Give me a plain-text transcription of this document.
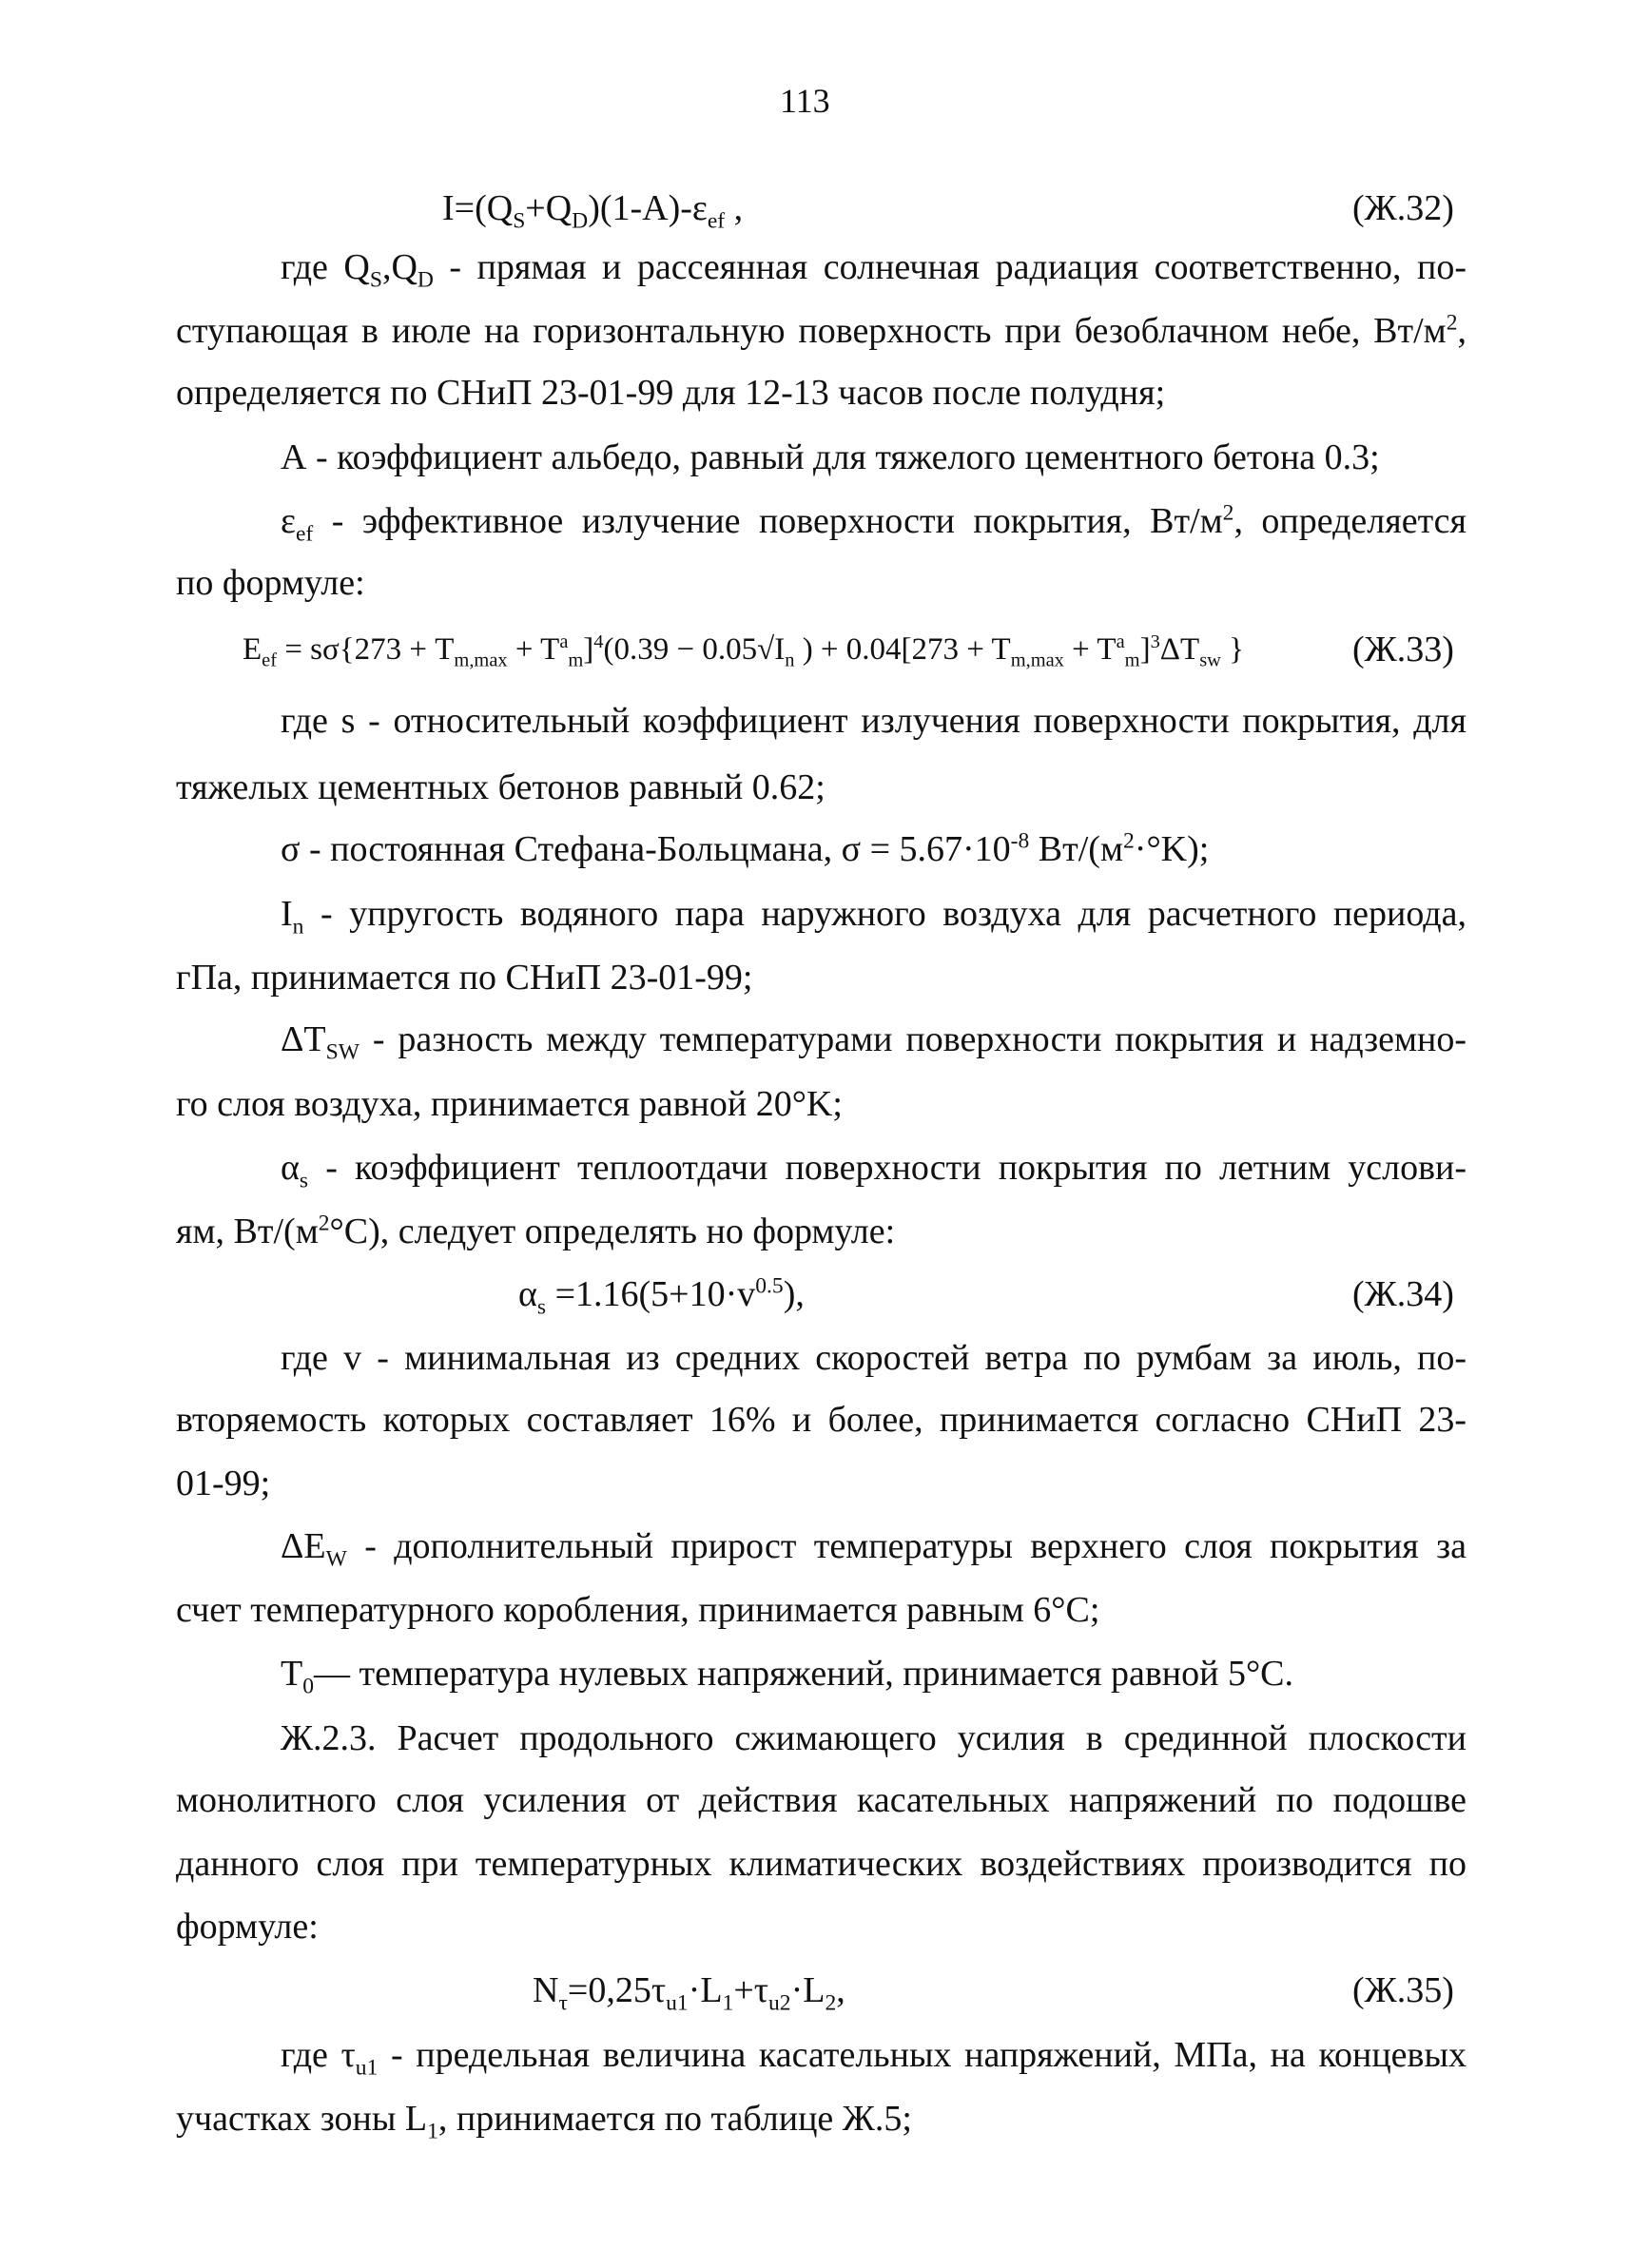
113
$I=(Q_S+Q_D)(1-A)-\varepsilon_{ef}$ ,	(Ж.32)

где $Q_S,Q_D$ - прямая и рассеянная солнечная радиация соответственно, по-

ступающая в июле на горизонтальную поверхность при безоблачном небе, $Вт/м^2$,

определяется по СНиП 23-01-99 для 12-13 часов после полудня;

А - коэффициент альбедо, равный для тяжелого цементного бетона 0.3;

$\varepsilon_{ef}$ - эффективное излучение поверхности покрытия, $Вт/м^2$, определяется

по формуле:

$E_{ef} = s\sigma\{273 + T_{m,max} + T^a_m]^4(0.39 - 0.05√I_n$ ) + $0.04[273 + T_{m,max} + T^a_m]^3\Delta T_{sw}$ }	(Ж.33)

где s - относительный коэффициент излучения поверхности покрытия, для

тяжелых цементных бетонов равный 0.62;

σ - постоянная Стефана-Больцмана, $\sigma = 5.67\cdot 10^{-8}$ $Вт/(м^2\cdot^\circ K)$;

$I_n$ - упругость водяного пара наружного воздуха для расчетного периода,

гПа, принимается по СНиП 23-01-99;

$\Delta T_{SW}$ - разность между температурами поверхности покрытия и надземно-

го слоя воздуха, принимается равной 20°K;

$\alpha_s$ - коэффициент теплоотдачи поверхности покрытия по летним услови-

ям, $Вт/(м^2^\circ C)$, следует определять но формуле:

$\alpha_s =1.16(5+10\cdot v^{0.5})$,	(Ж.34)

где v - минимальная из средних скоростей ветра по румбам за июль, по-

вторяемость которых составляет 16% и более, принимается согласно СНиП 23-

01-99;

$\Delta E_W$ - дополнительный прирост температуры верхнего слоя покрытия за

счет температурного коробления, принимается равным 6°C;

$T_0—$ температура нулевых напряжений, принимается равной 5°C.

Ж.2.3. Расчет продольного сжимающего усилия в срединной плоскости

монолитного слоя усиления от действия касательных напряжений по подошве

данного слоя при температурных климатических воздействиях производится по

формуле:

$N_\tau=0,25\tau_{u1}\cdot L_1+\tau_{u2}\cdot L_2$,	(Ж.35)

где $\tau_{u1}$ - предельная величина касательных напряжений, МПа, на концевых

участках зоны $L_1$, принимается по таблице Ж.5;
